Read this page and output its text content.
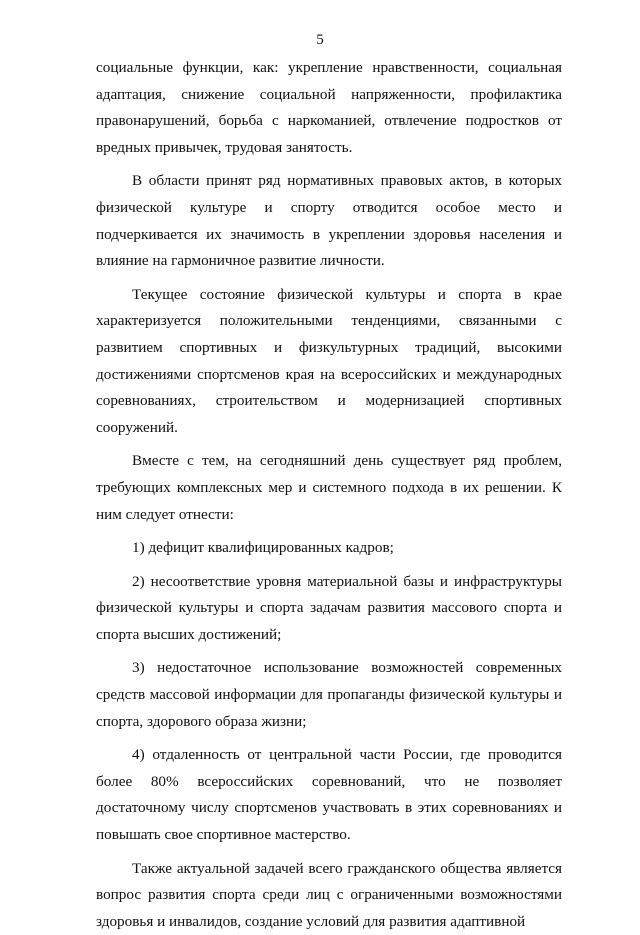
5

социальные функции, как: укрепление нравственности, социальная адаптация, снижение социальной напряженности, профилактика правонарушений, борьба с наркоманией, отвлечение подростков от вредных привычек, трудовая занятость.

В области принят ряд нормативных правовых актов, в которых физической культуре и спорту отводится особое место и подчеркивается их значимость в укреплении здоровья населения и влияние на гармоничное развитие личности.

Текущее состояние физической культуры и спорта в крае характеризуется положительными тенденциями, связанными с развитием спортивных и физкультурных традиций, высокими достижениями спортсменов края на всероссийских и международных соревнованиях, строительством и модернизацией спортивных сооружений.

Вместе с тем, на сегодняшний день существует ряд проблем, требующих комплексных мер и системного подхода в их решении. К ним следует отнести:

1) дефицит квалифицированных кадров;

2) несоответствие уровня материальной базы и инфраструктуры физической культуры и спорта задачам развития массового спорта и спорта высших достижений;

3) недостаточное использование возможностей современных средств массовой информации для пропаганды физической культуры и спорта, здорового образа жизни;

4) отдаленность от центральной части России, где проводится более 80% всероссийских соревнований, что не позволяет достаточному числу спортсменов участвовать в этих соревнованиях и повышать свое спортивное мастерство.

Также актуальной задачей всего гражданского общества является вопрос развития спорта среди лиц с ограниченными возможностями здоровья и инвалидов, создание условий для развития адаптивной
